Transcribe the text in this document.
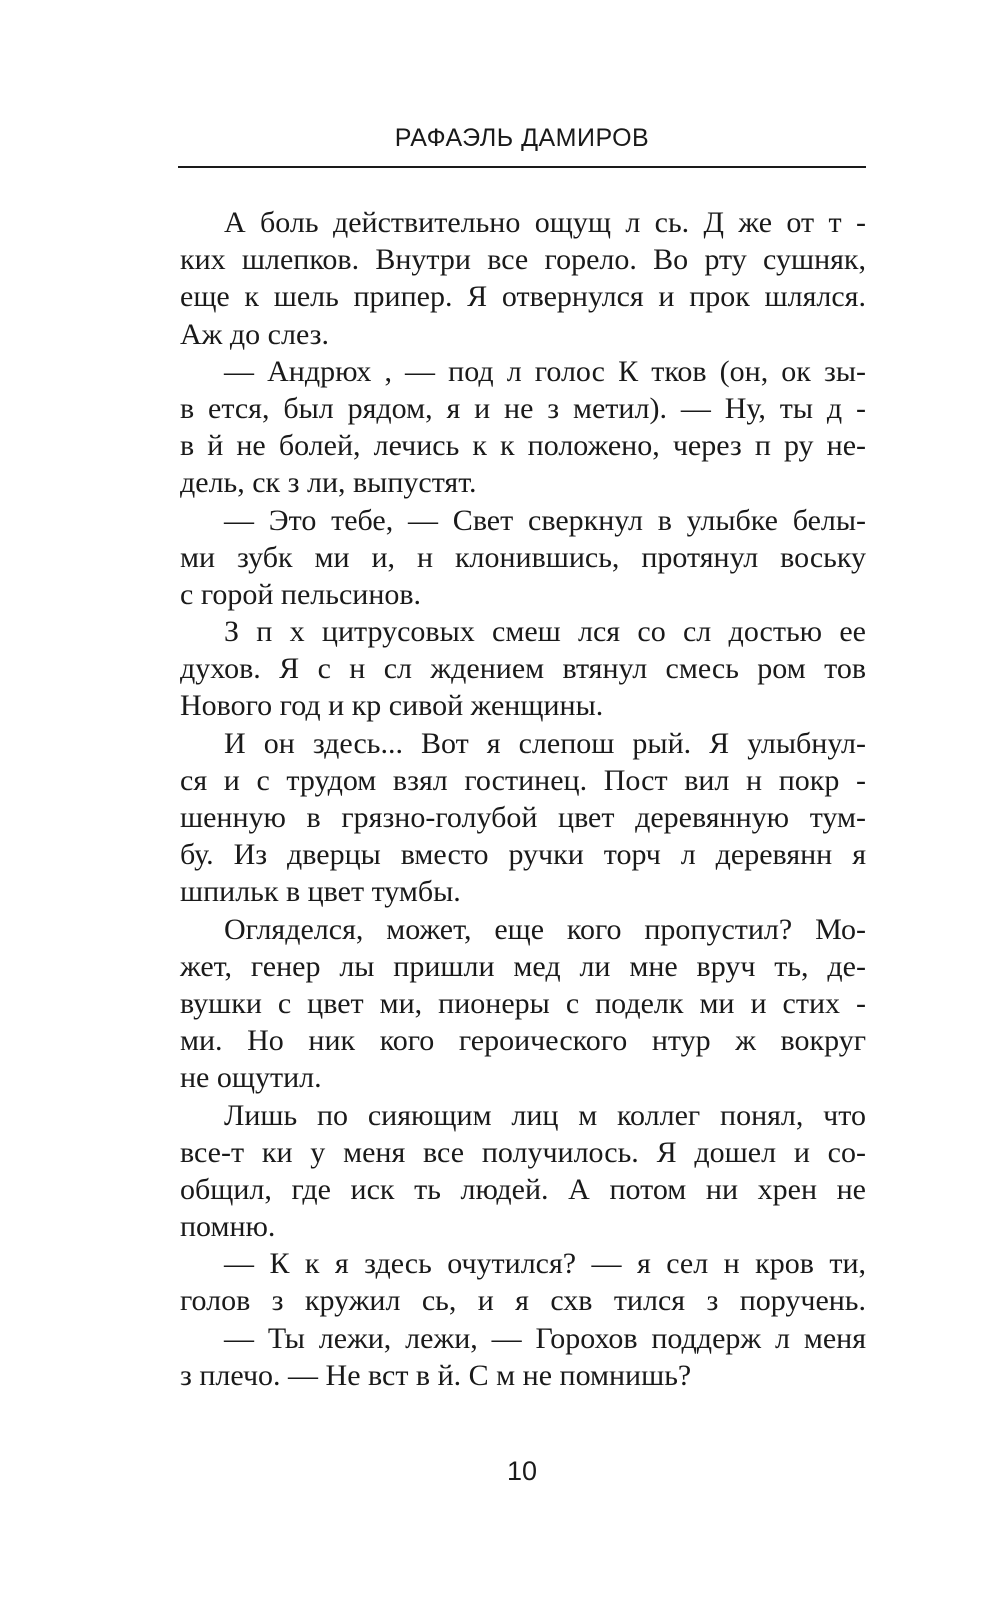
РАФАЭЛЬ ДАМИРОВ

А боль действительно ощущ л сь. Д же от т -
ких шлепков. Внутри все горело. Во рту сушняк,
еще к шель припер. Я отвернулся и прок шлялся.
Аж до слез.

— Андрюх , — под л голос К тков (он, ок зы-
в ется, был рядом, я и не з метил). — Ну, ты д -
в й не болей, лечись к к положено, через п ру не-
дель, ск з ли, выпустят.

— Это тебе, — Свет сверкнул в улыбке белы-
ми зубк ми и, н клонившись, протянул воську
с горой пельсинов.

З п х цитрусовых смеш лся со сл достью ее
духов. Я с н сл ждением втянул смесь ром тов
Нового год и кр сивой женщины.

И он здесь... Вот я слепош рый. Я улыбнул-
ся и с трудом взял гостинец. Пост вил н покр -
шенную в грязно-голубой цвет деревянную тум-
бу. Из дверцы вместо ручки торч л деревянн я
шпильк в цвет тумбы.

Огляделся, может, еще кого пропустил? Мо-
жет, генер лы пришли мед ли мне вруч ть, де-
вушки с цвет ми, пионеры с поделк ми и стих -
ми. Но ник кого героического нтур ж вокруг
не ощутил.

Лишь по сияющим лиц м коллег понял, что
все-т ки у меня все получилось. Я дошел и со-
общил, где иск ть людей. А потом ни хрен не
помню.

— К к я здесь очутился? — я сел н кров ти,
голов з кружил сь, и я схв тился з поручень.

— Ты лежи, лежи, — Горохов поддерж л меня
з плечо. — Не вст в й. С м не помнишь?

10
